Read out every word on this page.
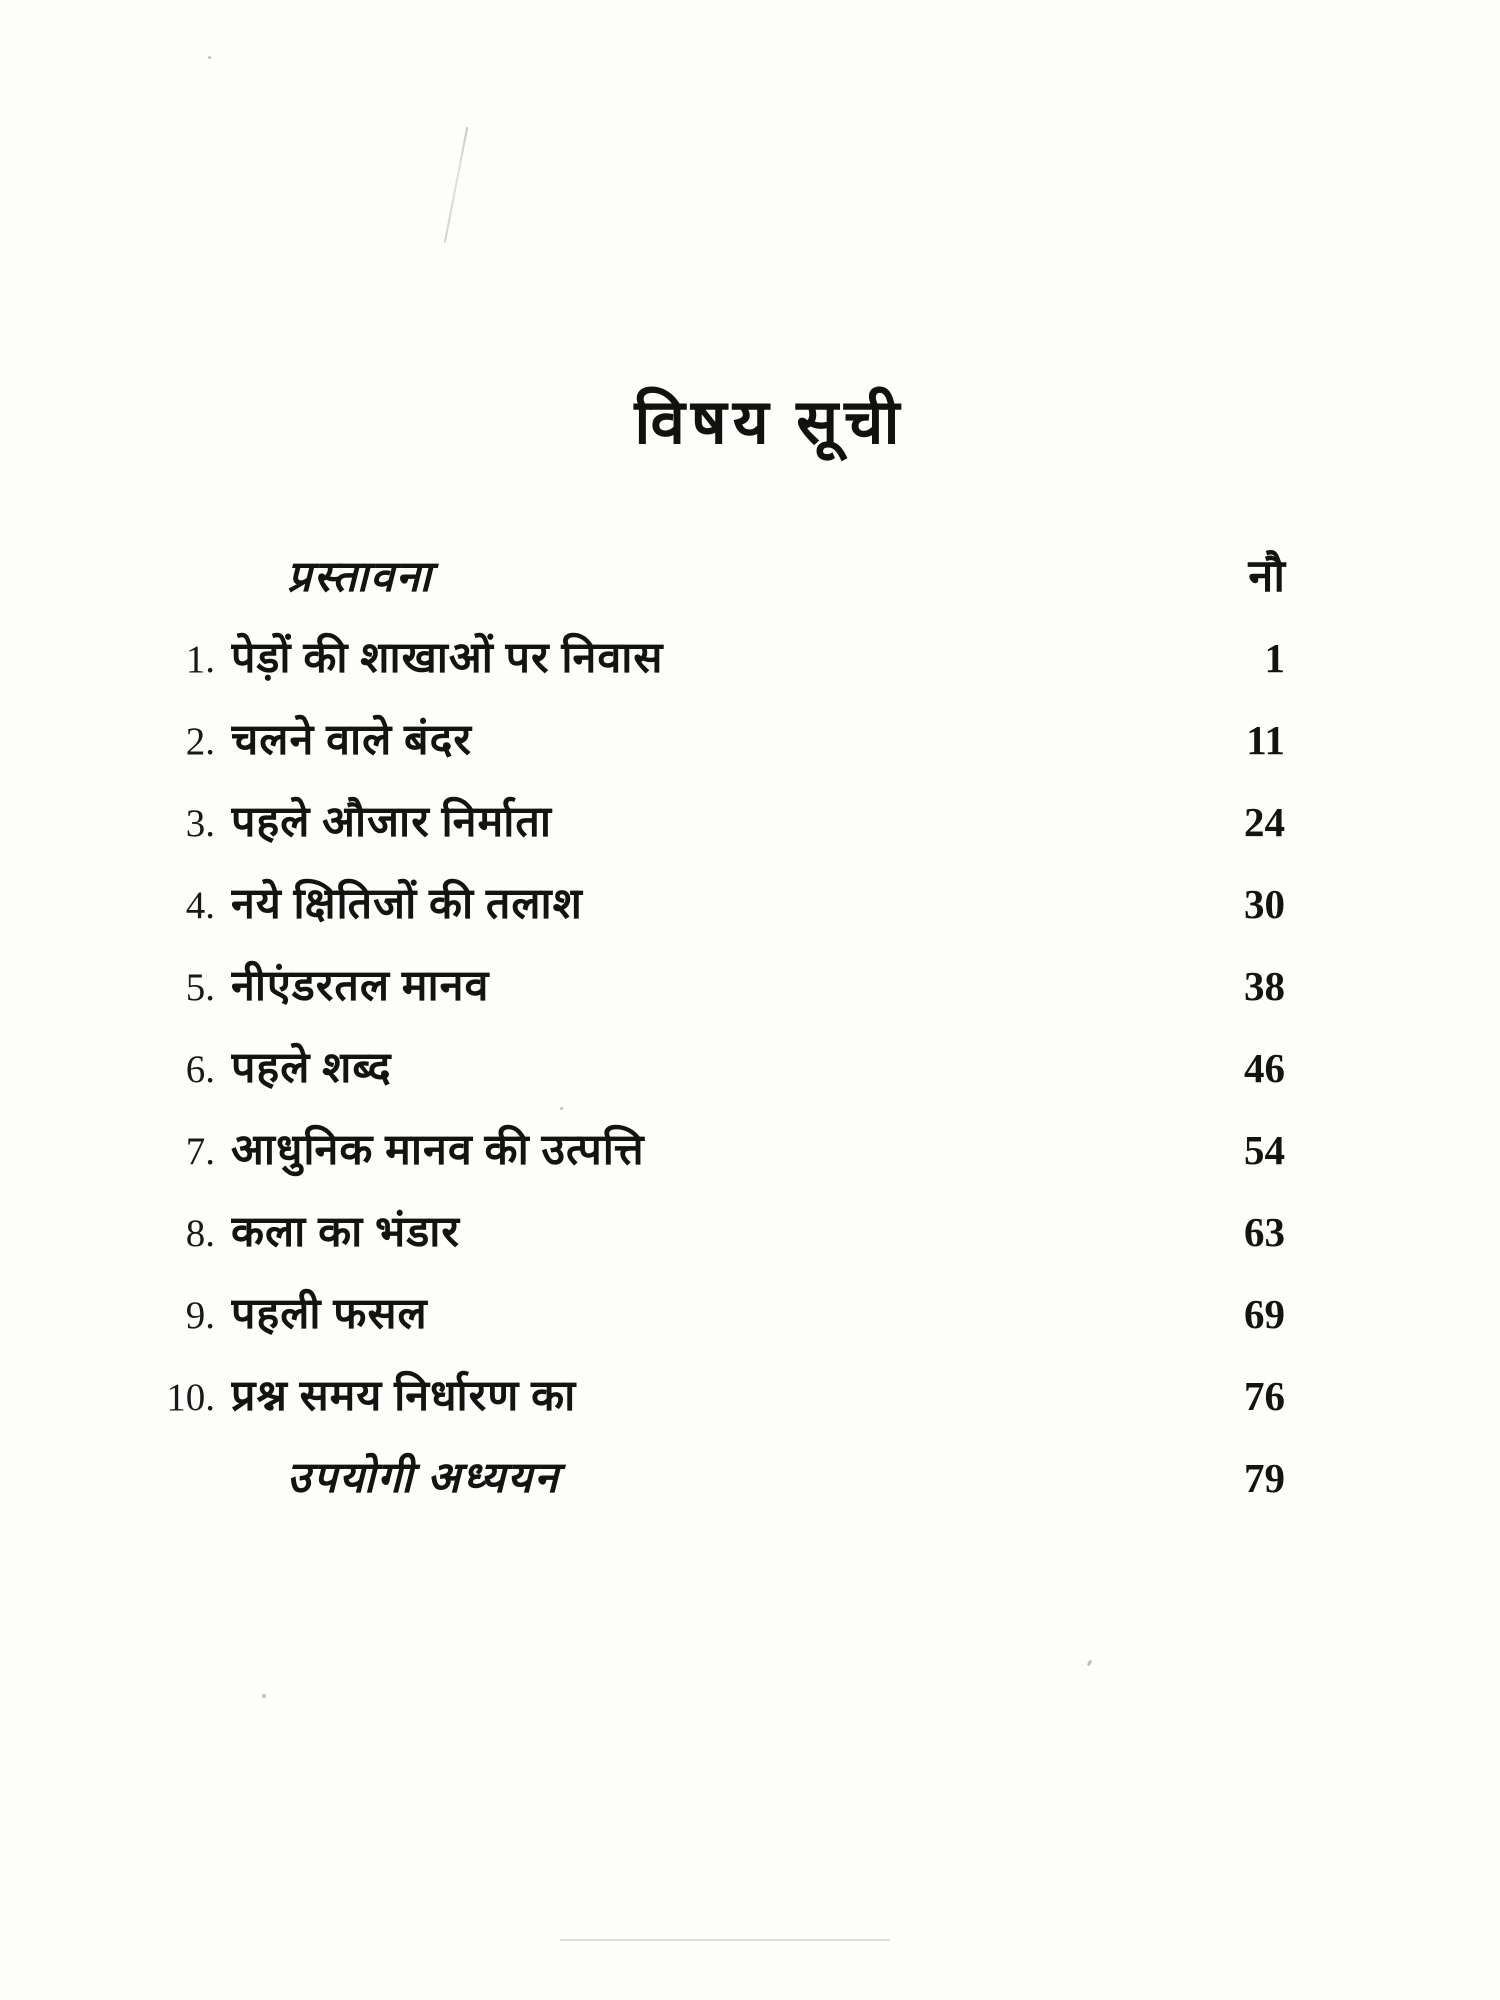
विषय सूची
प्रस्तावना	नौ
1. पेड़ों की शाखाओं पर निवास	1
2. चलने वाले बंदर	11
3. पहले औजार निर्माता	24
4. नये क्षितिजों की तलाश	30
5. नीएंडरतल मानव	38
6. पहले शब्द	46
7. आधुनिक मानव की उत्पत्ति	54
8. कला का भंडार	63
9. पहली फसल	69
10. प्रश्न समय निर्धारण का	76
उपयोगी अध्ययन	79
